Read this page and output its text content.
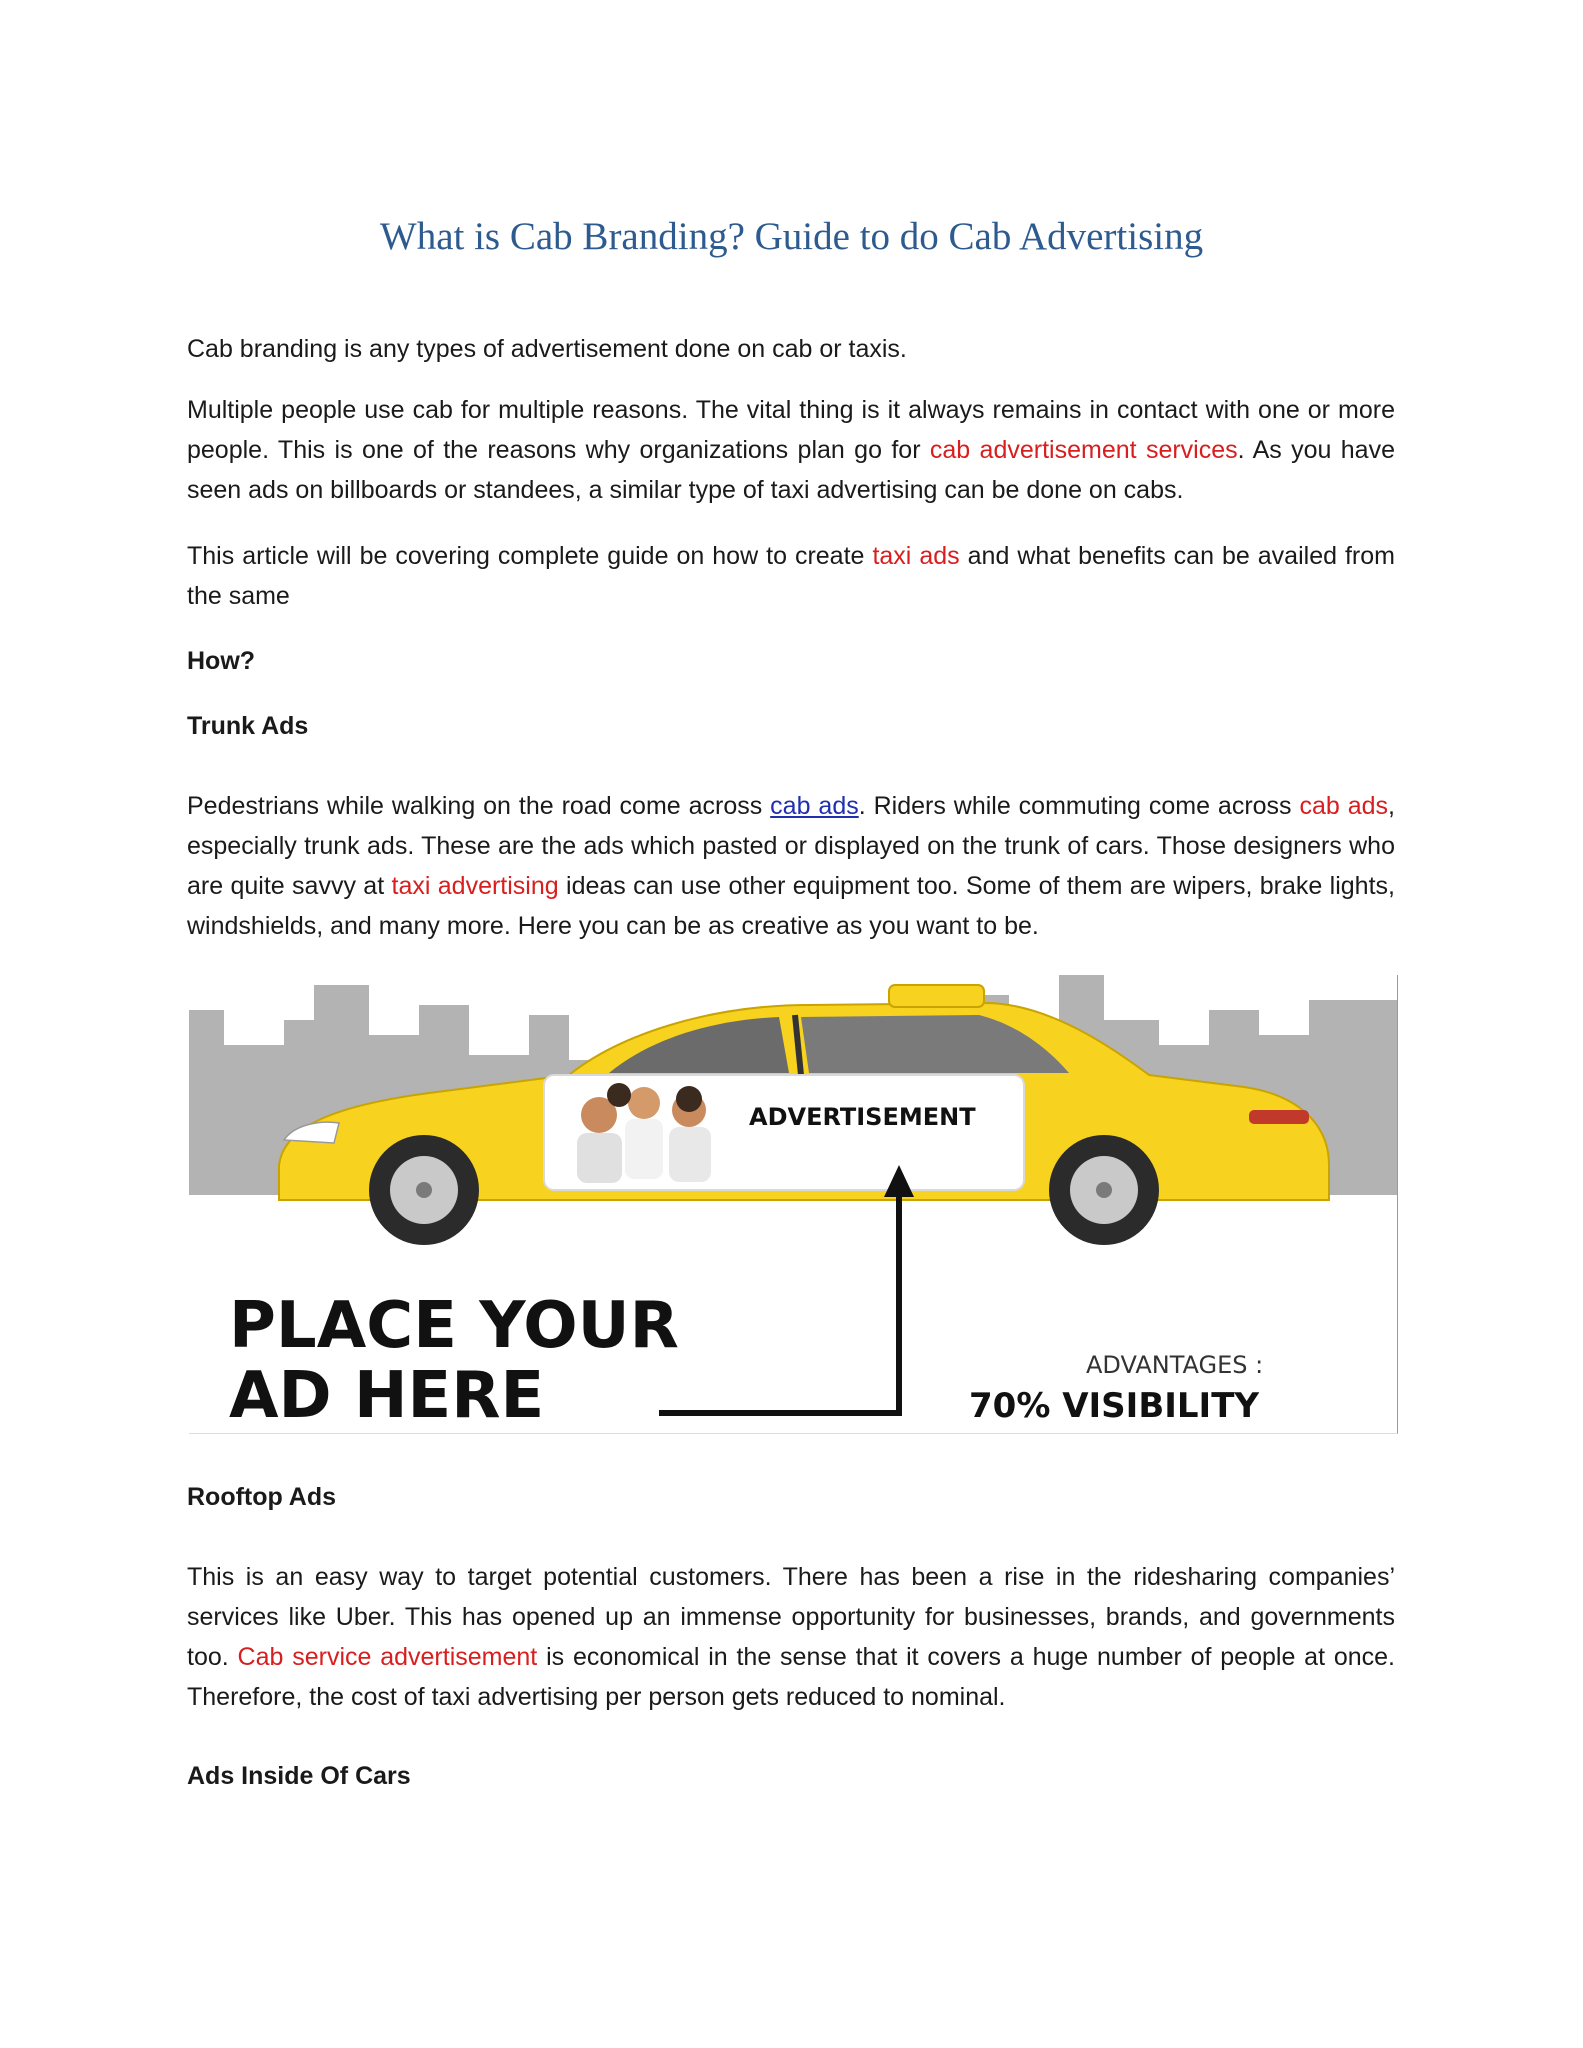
What is Cab Branding? Guide to do Cab Advertising

Cab branding is any types of advertisement done on cab or taxis.

Multiple people use cab for multiple reasons. The vital thing is it always remains in contact with one or more people. This is one of the reasons why organizations plan go for cab advertisement services. As you have seen ads on billboards or standees, a similar type of taxi advertising can be done on cabs.

This article will be covering complete guide on how to create taxi ads and what benefits can be availed from the same

How?
Trunk Ads

Pedestrians while walking on the road come across cab ads. Riders while commuting come across cab ads, especially trunk ads. These are the ads which pasted or displayed on the trunk of cars. Those designers who are quite savvy at taxi advertising ideas can use other equipment too. Some of them are wipers, brake lights, windshields, and many more. Here you can be as creative as you want to be.

ADVERTISEMENT
PLACE YOUR
AD HERE	ADVANTAGES :
70% VISIBILITY
Rooftop Ads

This is an easy way to target potential customers. There has been a rise in the ridesharing companies’ services like Uber. This has opened up an immense opportunity for businesses, brands, and governments too. Cab service advertisement is economical in the sense that it covers a huge number of people at once. Therefore, the cost of taxi advertising per person gets reduced to nominal.

Ads Inside Of Cars
